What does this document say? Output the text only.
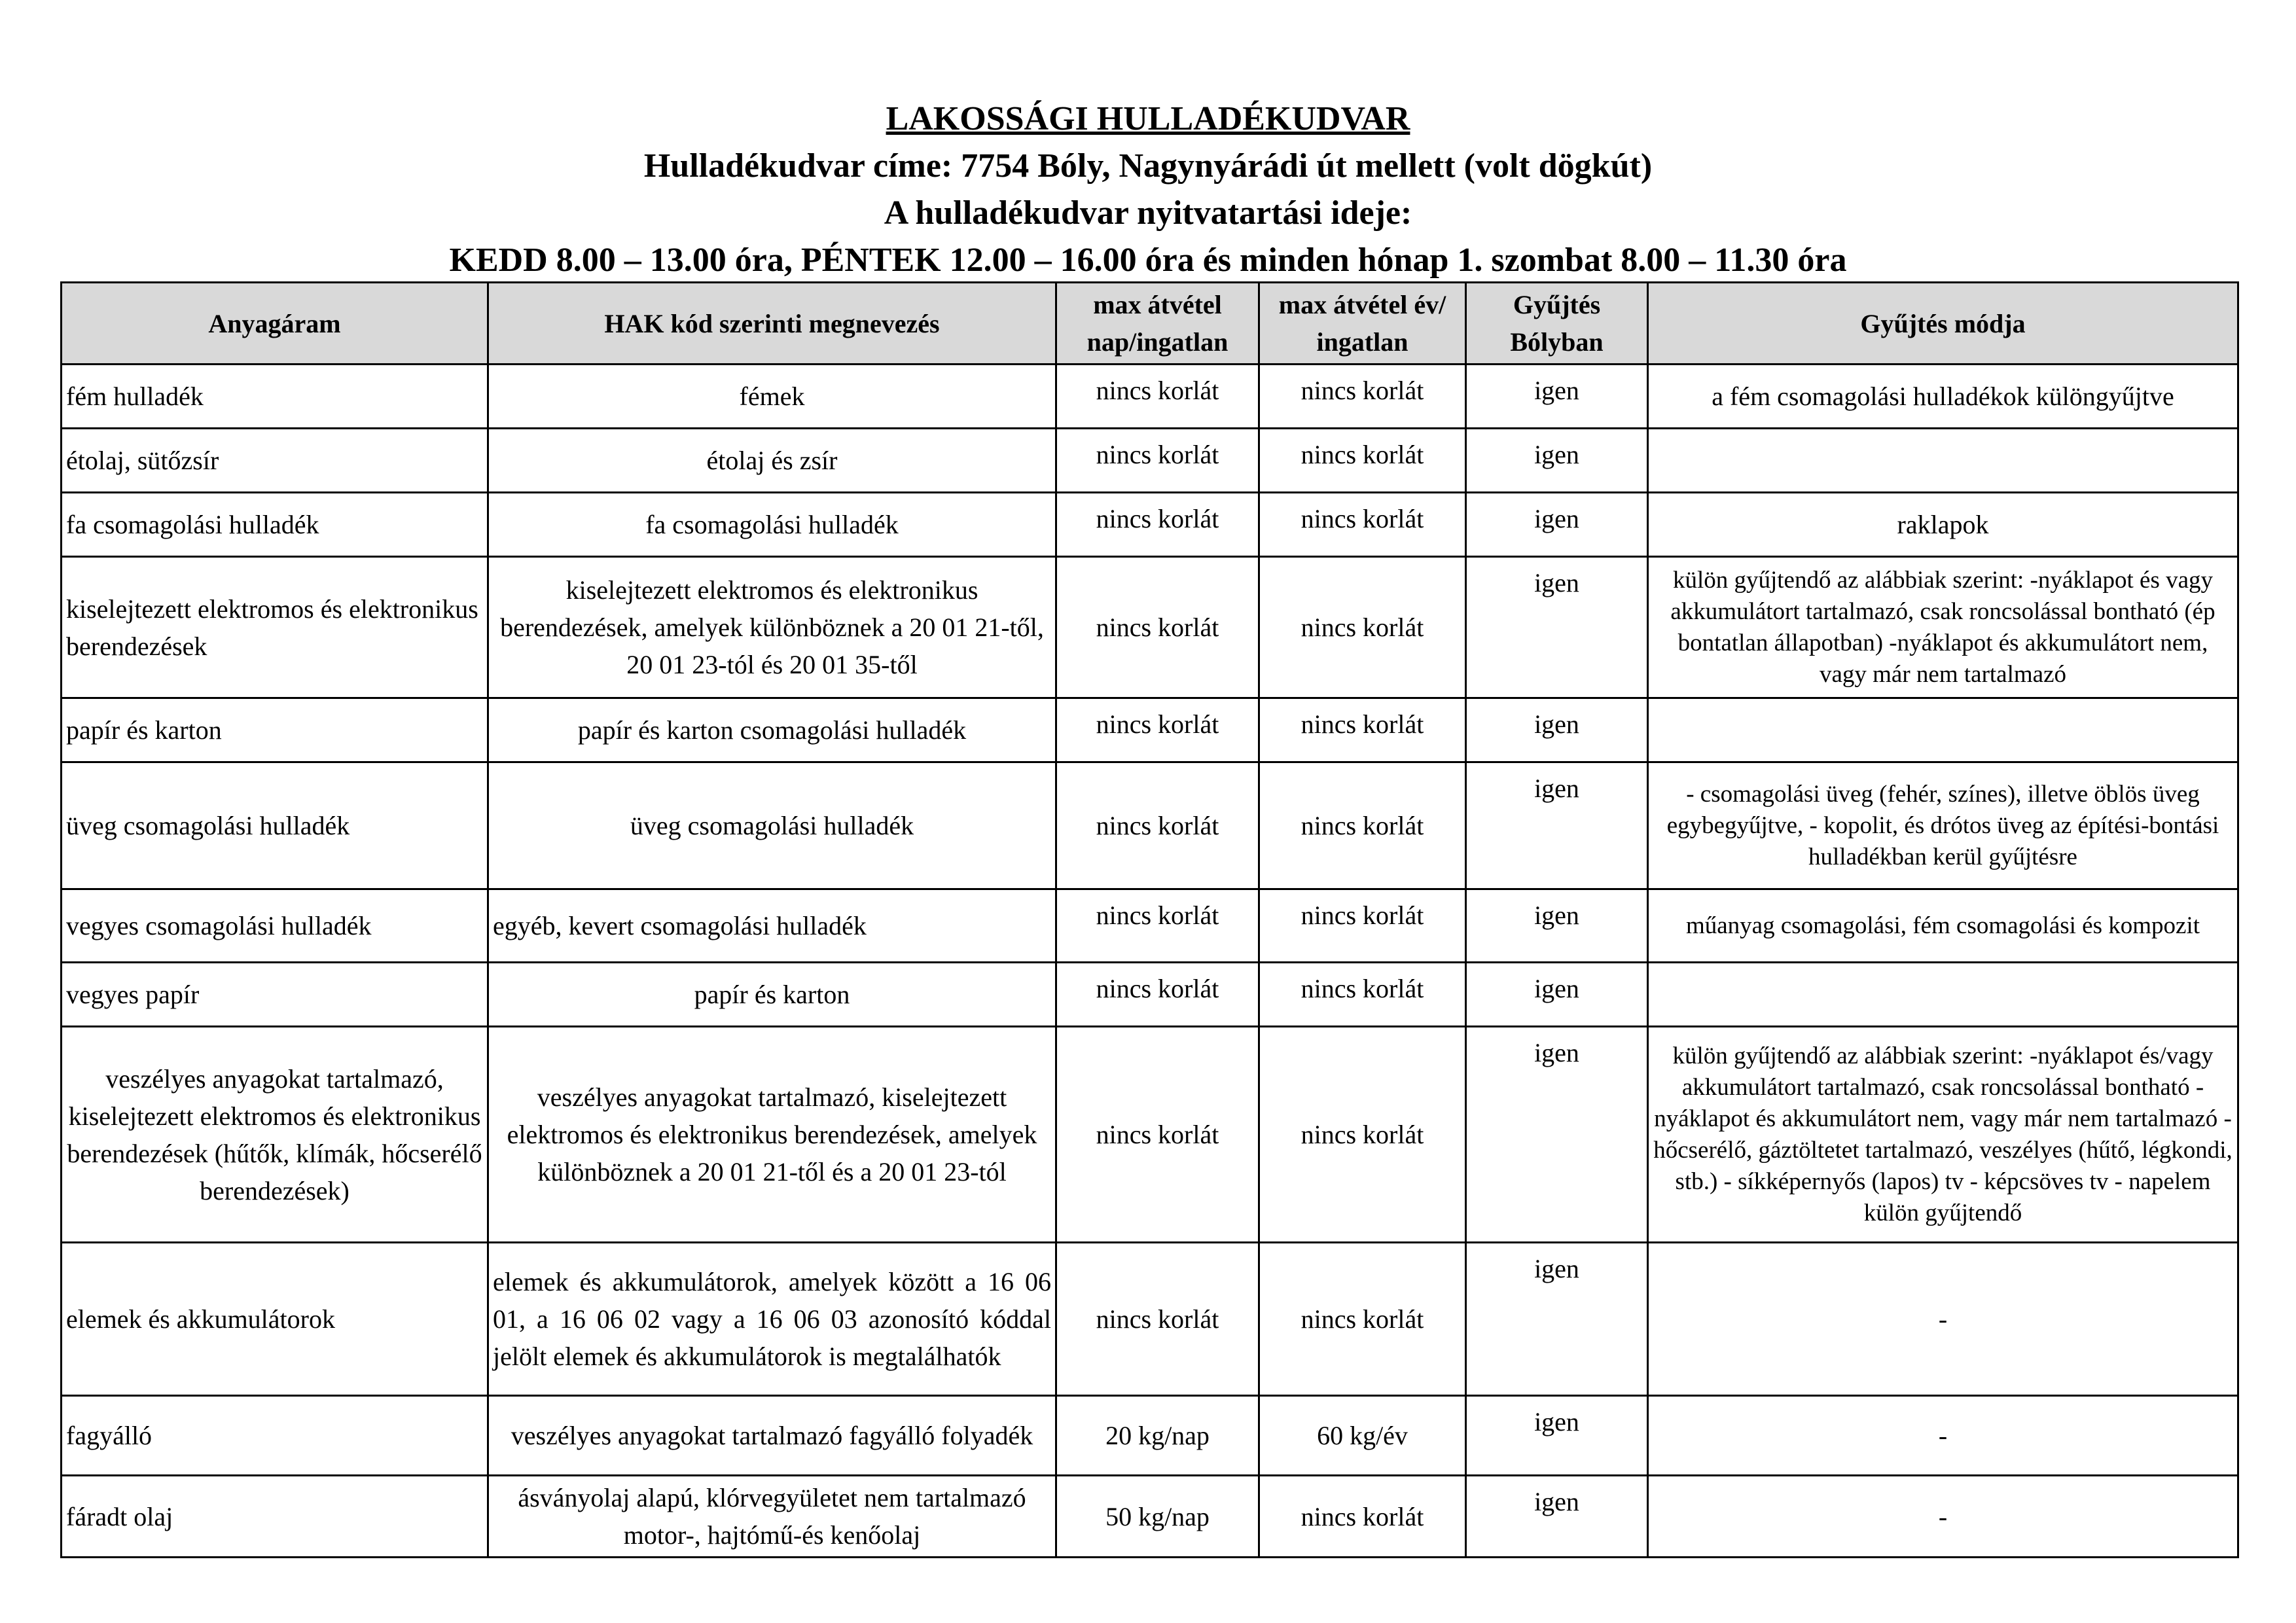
LAKOSSÁGI HULLADÉKUDVAR
Hulladékudvar címe: 7754 Bóly, Nagynyárádi út mellett (volt dögkút)
A hulladékudvar nyitvatartási ideje:
KEDD 8.00 – 13.00 óra, PÉNTEK 12.00 – 16.00 óra és minden hónap 1. szombat 8.00 – 11.30 óra
Anyagáram	HAK kód szerinti megnevezés	max átvétel nap/ingatlan	max átvétel év/ ingatlan	Gyűjtés Bólyban	Gyűjtés módja
fém hulladék	fémek	nincs korlát	nincs korlát	igen	a fém csomagolási hulladékok különgyűjtve
étolaj, sütőzsír	étolaj és zsír	nincs korlát	nincs korlát	igen	
fa csomagolási hulladék	fa csomagolási hulladék	nincs korlát	nincs korlát	igen	raklapok
kiselejtezett elektromos és elektronikus berendezések	kiselejtezett elektromos és elektronikus berendezések, amelyek különböznek a 20 01 21-től, 20 01 23-tól és 20 01 35-től	nincs korlát	nincs korlát	igen	külön gyűjtendő az alábbiak szerint: -nyáklapot és vagy akkumulátort tartalmazó, csak roncsolással bontható (ép bontatlan állapotban) -nyáklapot és akkumulátort nem, vagy már nem tartalmazó
papír és karton	papír és karton csomagolási hulladék	nincs korlát	nincs korlát	igen	
üveg csomagolási hulladék	üveg csomagolási hulladék	nincs korlát	nincs korlát	igen	- csomagolási üveg (fehér, színes), illetve öblös üveg egybegyűjtve, - kopolit, és drótos üveg az építési-bontási hulladékban kerül gyűjtésre
vegyes csomagolási hulladék	egyéb, kevert csomagolási hulladék	nincs korlát	nincs korlát	igen	műanyag csomagolási, fém csomagolási és kompozit
vegyes papír	papír és karton	nincs korlát	nincs korlát	igen	
veszélyes anyagokat tartalmazó, kiselejtezett elektromos és elektronikus berendezések (hűtők, klímák, hőcserélő berendezések)	veszélyes anyagokat tartalmazó, kiselejtezett elektromos és elektronikus berendezések, amelyek különböznek a 20 01 21-től és a 20 01 23-tól	nincs korlát	nincs korlát	igen	külön gyűjtendő az alábbiak szerint: -nyáklapot és/vagy akkumulátort tartalmazó, csak roncsolással bontható -nyáklapot és akkumulátort nem, vagy már nem tartalmazó - hőcserélő, gáztöltetet tartalmazó, veszélyes (hűtő, légkondi, stb.) - síkképernyős (lapos) tv - képcsöves tv - napelem külön gyűjtendő
elemek és akkumulátorok	elemek és akkumulátorok, amelyek között a 16 06 01, a 16 06 02 vagy a 16 06 03 azonosító kóddal jelölt elemek és akkumulátorok is megtalálhatók	nincs korlát	nincs korlát	igen	-
fagyálló	veszélyes anyagokat tartalmazó fagyálló folyadék	20 kg/nap	60 kg/év	igen	-
fáradt olaj	ásványolaj alapú, klórvegyületet nem tartalmazó motor-, hajtómű-és kenőolaj	50 kg/nap	nincs korlát	igen	-
